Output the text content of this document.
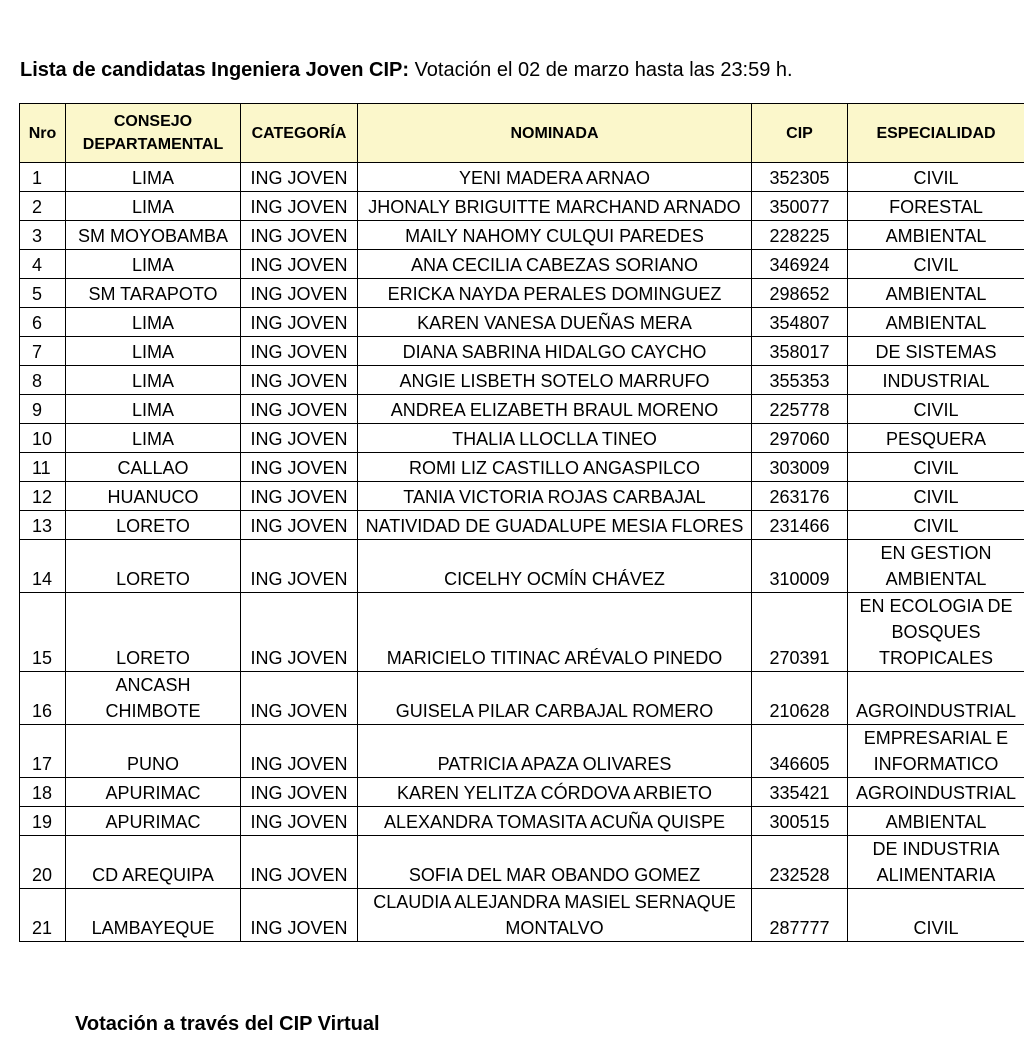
Lista de candidatas Ingeniera Joven CIP: Votación el 02 de marzo hasta las 23:59 h.
Nro	CONSEJO DEPARTAMENTAL	CATEGORÍA	NOMINADA	CIP	ESPECIALIDAD
1	LIMA	ING JOVEN	YENI MADERA ARNAO	352305	CIVIL
2	LIMA	ING JOVEN	JHONALY BRIGUITTE MARCHAND ARNADO	350077	FORESTAL
3	SM MOYOBAMBA	ING JOVEN	MAILY NAHOMY CULQUI PAREDES	228225	AMBIENTAL
4	LIMA	ING JOVEN	ANA CECILIA CABEZAS SORIANO	346924	CIVIL
5	SM TARAPOTO	ING JOVEN	ERICKA NAYDA PERALES DOMINGUEZ	298652	AMBIENTAL
6	LIMA	ING JOVEN	KAREN VANESA DUEÑAS MERA	354807	AMBIENTAL
7	LIMA	ING JOVEN	DIANA SABRINA HIDALGO CAYCHO	358017	DE SISTEMAS
8	LIMA	ING JOVEN	ANGIE LISBETH SOTELO MARRUFO	355353	INDUSTRIAL
9	LIMA	ING JOVEN	ANDREA ELIZABETH BRAUL MORENO	225778	CIVIL
10	LIMA	ING JOVEN	THALIA LLOCLLA TINEO	297060	PESQUERA
11	CALLAO	ING JOVEN	ROMI LIZ CASTILLO ANGASPILCO	303009	CIVIL
12	HUANUCO	ING JOVEN	TANIA VICTORIA ROJAS CARBAJAL	263176	CIVIL
13	LORETO	ING JOVEN	NATIVIDAD DE GUADALUPE MESIA FLORES	231466	CIVIL
14	LORETO	ING JOVEN	CICELHY OCMÍN CHÁVEZ	310009	EN GESTION AMBIENTAL
15	LORETO	ING JOVEN	MARICIELO TITINAC ARÉVALO PINEDO	270391	EN ECOLOGIA DE BOSQUES TROPICALES
16	ANCASH CHIMBOTE	ING JOVEN	GUISELA PILAR CARBAJAL ROMERO	210628	AGROINDUSTRIAL
17	PUNO	ING JOVEN	PATRICIA APAZA OLIVARES	346605	EMPRESARIAL E INFORMATICO
18	APURIMAC	ING JOVEN	KAREN YELITZA CÓRDOVA ARBIETO	335421	AGROINDUSTRIAL
19	APURIMAC	ING JOVEN	ALEXANDRA TOMASITA ACUÑA QUISPE	300515	AMBIENTAL
20	CD AREQUIPA	ING JOVEN	SOFIA DEL MAR OBANDO GOMEZ	232528	DE INDUSTRIA ALIMENTARIA
21	LAMBAYEQUE	ING JOVEN	CLAUDIA ALEJANDRA MASIEL SERNAQUE MONTALVO	287777	CIVIL
Votación a través del CIP Virtual
